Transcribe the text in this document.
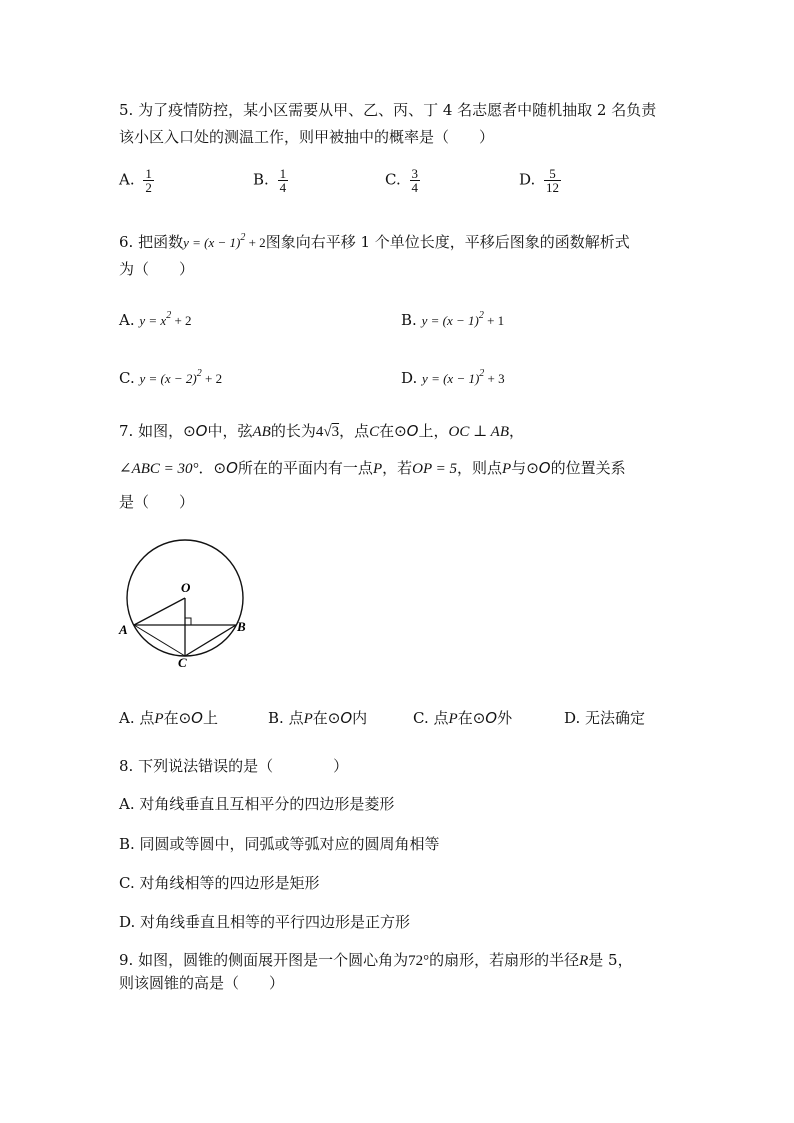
5. 为了疫情防控，某小区需要从甲、乙、丙、丁 4 名志愿者中随机抽取 2 名负责
该小区入口处的测温工作，则甲被抽中的概率是（　　）
A. $\frac{1}{2}$	B. $\frac{1}{4}$	C. $\frac{3}{4}$	D. $\frac{5}{12}$
6. 把函数$y = (x - 1)^2 + 2$图象向右平移 1 个单位长度，平移后图象的函数解析式
为（　　）
A. $y = x^2 + 2$	B. $y = (x - 1)^2 + 1$
C. $y = (x - 2)^2 + 2$	D. $y = (x - 1)^2 + 3$
7. 如图，⊙O中，弦AB的长为4√3，点C在⊙O上，OC ⊥ AB，
∠ABC = 30°．⊙O所在的平面内有一点P，若OP = 5，则点P与⊙O的位置关系
是（　　）
O
A	B
C
A. 点P在⊙O上	B. 点P在⊙O内	C. 点P在⊙O外	D. 无法确定
8. 下列说法错误的是（　　　　）
A. 对角线垂直且互相平分的四边形是菱形
B. 同圆或等圆中，同弧或等弧对应的圆周角相等
C. 对角线相等的四边形是矩形
D. 对角线垂直且相等的平行四边形是正方形
9. 如图，圆锥的侧面展开图是一个圆心角为72°的扇形，若扇形的半径R是 5，
则该圆锥的高是（　　）
